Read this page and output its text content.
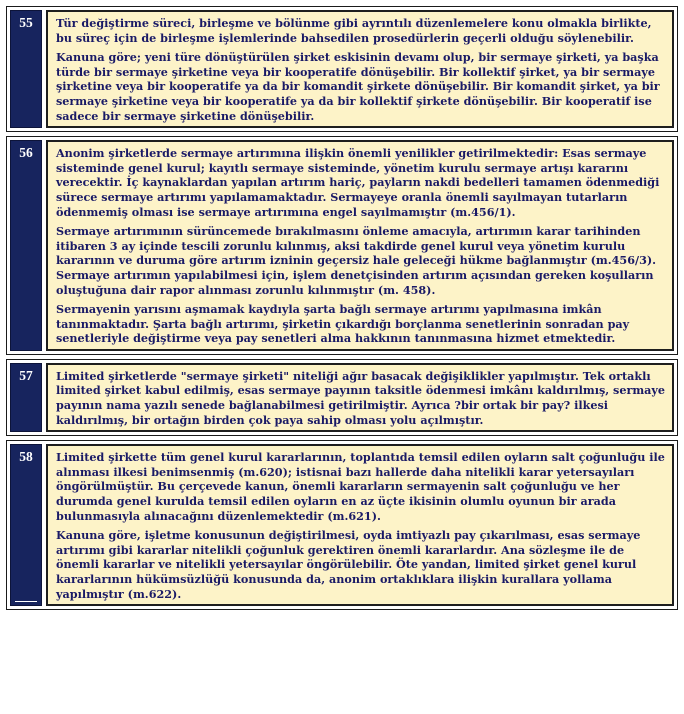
55	Tür değiştirme süreci, birleşme ve bölünme gibi ayrıntılı düzenlemelere konu olmakla birlikte, bu süreç için de birleşme işlemlerinde bahsedilen prosedürlerin geçerli olduğu söylenebilir.

Kanuna göre; yeni türe dönüştürülen şirket eskisinin devamı olup, bir sermaye şirketi, ya başka türde bir sermaye şirketine veya bir kooperatife dönüşebilir. Bir kollektif şirket, ya bir sermaye şirketine veya bir kooperatife ya da bir komandit şirkete dönüşebilir. Bir komandit şirket, ya bir sermaye şirketine veya bir kooperatife ya da bir kollektif şirkete dönüşebilir. Bir kooperatif ise sadece bir sermaye şirketine dönüşebilir.

56	Anonim şirketlerde sermaye artırımına ilişkin önemli yenilikler getirilmektedir: Esas sermaye sisteminde genel kurul; kayıtlı sermaye sisteminde, yönetim kurulu sermaye artışı kararını verecektir. İç kaynaklardan yapılan artırım hariç, payların nakdi bedelleri tamamen ödenmediği sürece sermaye artırımı yapılamamaktadır. Sermayeye oranla önemli sayılmayan tutarların ödenmemiş olması ise sermaye artırımına engel sayılmamıştır (m.456/1).

Sermaye artırımının sürüncemede bırakılmasını önleme amacıyla, artırımın karar tarihinden itibaren 3 ay içinde tescili zorunlu kılınmış, aksi takdirde genel kurul veya yönetim kurulu kararının ve duruma göre artırım izninin geçersiz hale geleceği hükme bağlanmıştır (m.456/3). Sermaye artırımın yapılabilmesi için, işlem denetçisinden artırım açısından gereken koşulların oluştuğuna dair rapor alınması zorunlu kılınmıştır (m. 458).

Sermayenin yarısını aşmamak kaydıyla şarta bağlı sermaye artırımı yapılmasına imkân tanınmaktadır. Şarta bağlı artırımı, şirketin çıkardığı borçlanma senetlerinin sonradan pay senetleriyle değiştirme veya pay senetleri alma hakkının tanınmasına hizmet etmektedir.

57	Limited şirketlerde "sermaye şirketi" niteliği ağır basacak değişiklikler yapılmıştır. Tek ortaklı limited şirket kabul edilmiş, esas sermaye payının taksitle ödenmesi imkânı kaldırılmış, sermaye payının nama yazılı senede bağlanabilmesi getirilmiştir. Ayrıca ?bir ortak bir pay? ilkesi kaldırılmış, bir ortağın birden çok paya sahip olması yolu açılmıştır.

58	Limited şirkette tüm genel kurul kararlarının, toplantıda temsil edilen oyların salt çoğunluğu ile alınması ilkesi benimsenmiş (m.620); istisnai bazı hallerde daha nitelikli karar yetersayıları öngörülmüştür. Bu çerçevede kanun, önemli kararların sermayenin salt çoğunluğu ve her durumda genel kurulda temsil edilen oyların en az üçte ikisinin olumlu oyunun bir arada bulunmasıyla alınacağını düzenlemektedir (m.621).

Kanuna göre, işletme konusunun değiştirilmesi, oyda imtiyazlı pay çıkarılması, esas sermaye artırımı gibi kararlar nitelikli çoğunluk gerektiren önemli kararlardır. Ana sözleşme ile de önemli kararlar ve nitelikli yetersayılar öngörülebilir. Öte yandan, limited şirket genel kurul kararlarının hükümsüzlüğü konusunda da, anonim ortaklıklara ilişkin kurallara yollama yapılmıştır (m.622).
